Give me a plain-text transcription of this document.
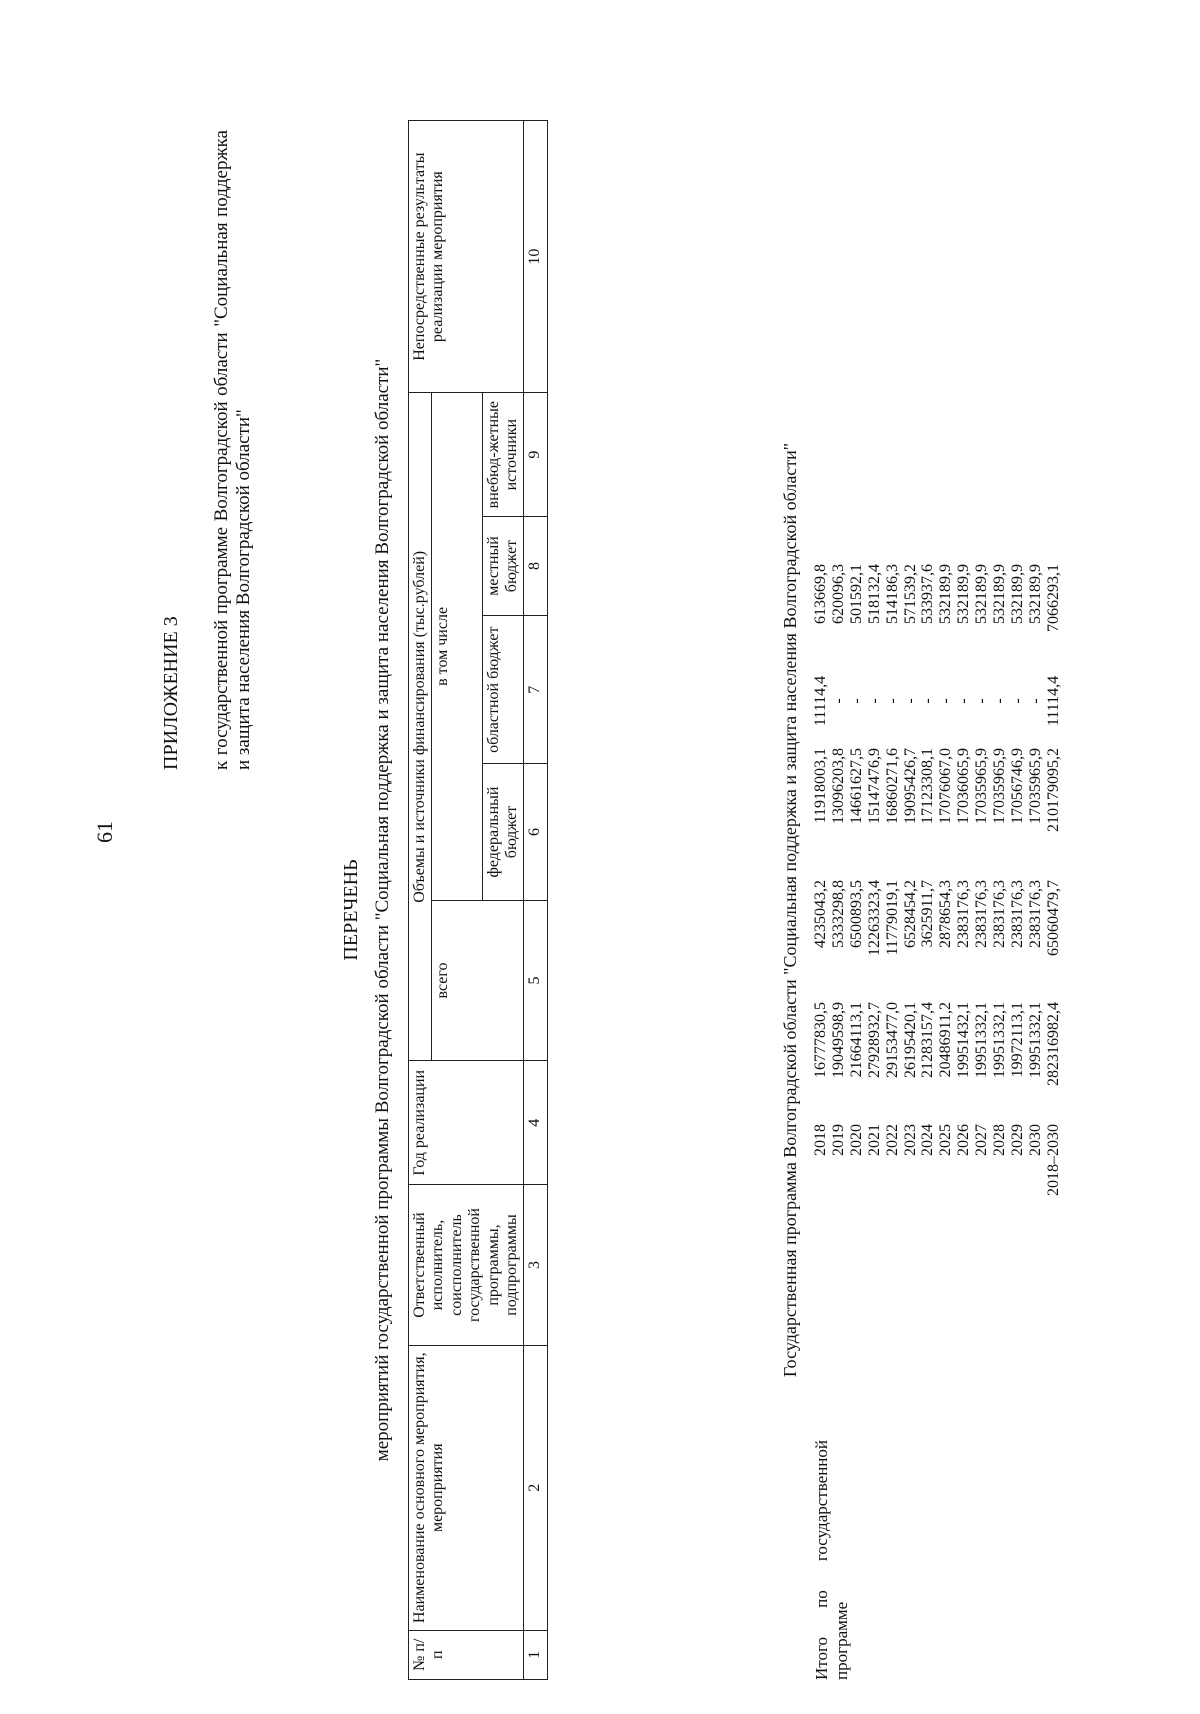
61
ПРИЛОЖЕНИЕ 3 к государственной программе Волгоградской области "Социальная поддержка и защита населения Волгоградской области"
ПЕРЕЧЕНЬ мероприятий государственной программы Волгоградской области "Социальная поддержка и защита населения Волгоградской области"
№ п/п	Наименование основного мероприятия, мероприятия	Ответственный исполнитель, соисполнитель государственной программы, подпрограммы	Год реализации	Объемы и источники финансирования (тыс.рублей)					Непосредственные результаты реализации мероприятия
				всего	в том числе				
					федеральный бюджет	областной бюджет	местный бюджет	внебюд-жетные источники	
1	2	3	4	5	6	7	8	9	10
Государственная программа Волгоградской области "Социальная поддержка и защита населения Волгоградской области"
Итого по государственной программе
2018	16777830,5	4235043,2	11918003,1	11114,4	613669,8
2019	19049598,9	5333298,8	13096203,8	-	620096,3
2020	21664113,1	6500893,5	14661627,5	-	501592,1
2021	27928932,7	12263323,4	15147476,9	-	518132,4
2022	29153477,0	11779019,1	16860271,6	-	514186,3
2023	26195420,1	6528454,2	19095426,7	-	571539,2
2024	21283157,4	3625911,7	17123308,1	-	533937,6
2025	20486911,2	2878654,3	17076067,0	-	532189,9
2026	19951432,1	2383176,3	17036065,9	-	532189,9
2027	19951332,1	2383176,3	17035965,9	-	532189,9
2028	19951332,1	2383176,3	17035965,9	-	532189,9
2029	19972113,1	2383176,3	17056746,9	-	532189,9
2030	19951332,1	2383176,3	17035965,9	-	532189,9
2018–2030	282316982,4	65060479,7	210179095,2	11114,4	7066293,1
